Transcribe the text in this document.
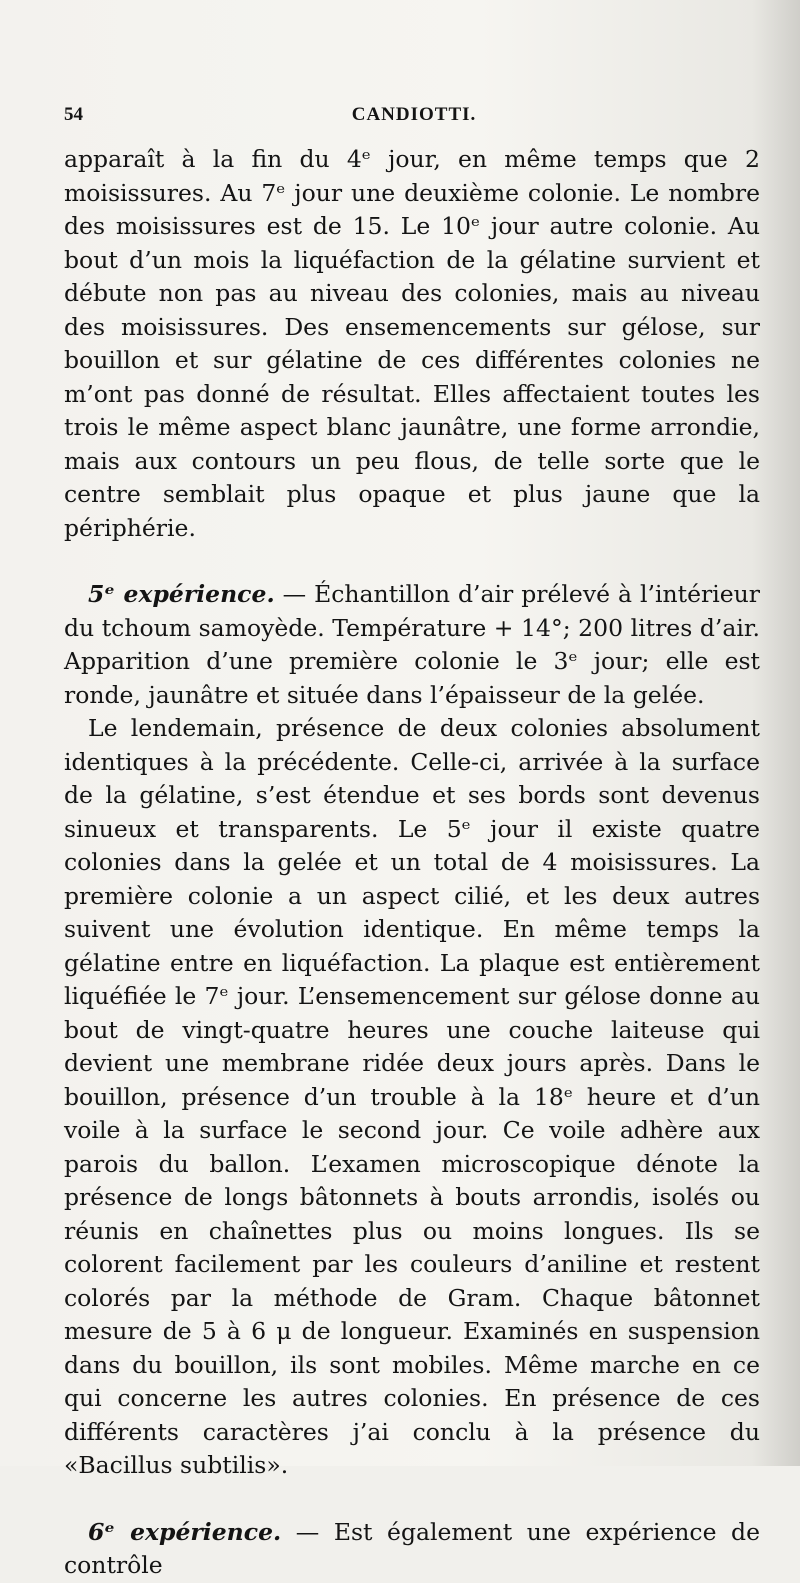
54	CANDIOTTI.

apparaît à la fin du 4ᵉ jour, en même temps que 2 moisissures. Au 7ᵉ jour une deuxième colonie. Le nombre des moisissures est de 15. Le 10ᵉ jour autre colonie. Au bout d’un mois la liquéfaction de la gélatine survient et débute non pas au niveau des colonies, mais au niveau des moisissures. Des ensemencements sur gélose, sur bouillon et sur gélatine de ces différentes colonies ne m’ont pas donné de résultat. Elles affectaient toutes les trois le même aspect blanc jaunâtre, une forme arrondie, mais aux contours un peu flous, de telle sorte que le centre semblait plus opaque et plus jaune que la périphérie.

5ᵉ expérience. — Échantillon d’air prélevé à l’intérieur du tchoum samoyède. Température + 14°; 200 litres d’air. Apparition d’une première colonie le 3ᵉ jour; elle est ronde, jaunâtre et située dans l’épaisseur de la gelée.

Le lendemain, présence de deux colonies absolument identiques à la précédente. Celle-ci, arrivée à la surface de la gélatine, s’est étendue et ses bords sont devenus sinueux et transparents. Le 5ᵉ jour il existe quatre colonies dans la gelée et un total de 4 moisissures. La première colonie a un aspect cilié, et les deux autres suivent une évolution identique. En même temps la gélatine entre en liquéfaction. La plaque est entièrement liquéfiée le 7ᵉ jour. L’ensemencement sur gélose donne au bout de vingt-quatre heures une couche laiteuse qui devient une membrane ridée deux jours après. Dans le bouillon, présence d’un trouble à la 18ᵉ heure et d’un voile à la surface le second jour. Ce voile adhère aux parois du ballon. L’examen microscopique dénote la présence de longs bâtonnets à bouts arrondis, isolés ou réunis en chaînettes plus ou moins longues. Ils se colorent facilement par les couleurs d’aniline et restent colorés par la méthode de Gram. Chaque bâtonnet mesure de 5 à 6 μ de longueur. Examinés en suspension dans du bouillon, ils sont mobiles. Même marche en ce qui concerne les autres colonies. En présence de ces différents caractères j’ai conclu à la présence du «Bacillus subtilis».

6ᵉ expérience. — Est également une expérience de contrôle
